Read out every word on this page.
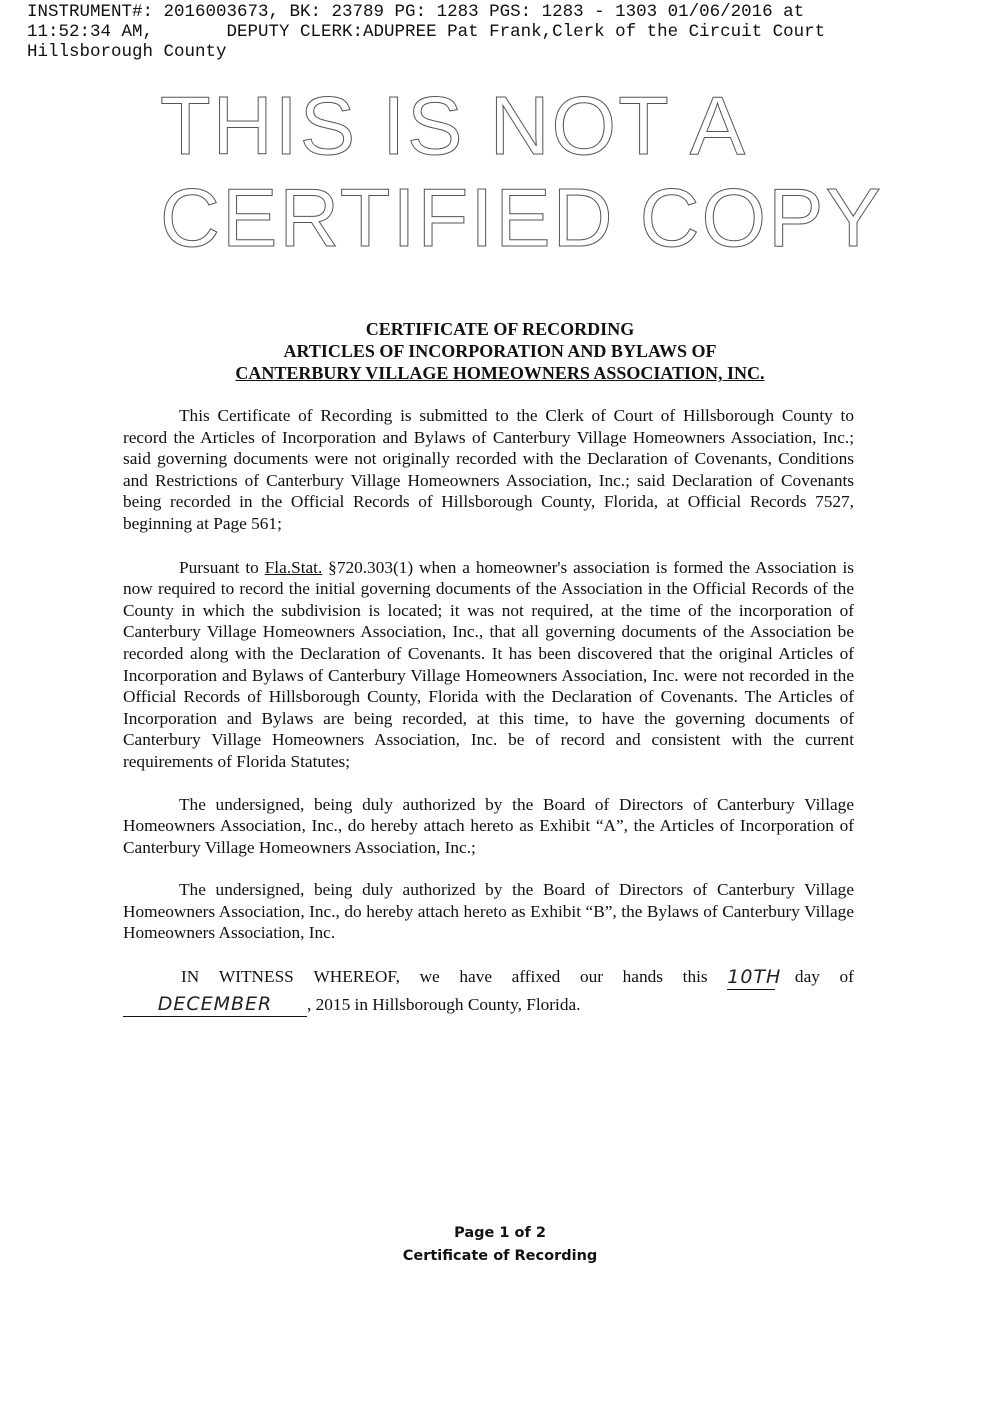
INSTRUMENT#: 2016003673, BK: 23789 PG: 1283 PGS: 1283 - 1303 01/06/2016 at
11:52:34 AM,       DEPUTY CLERK:ADUPREE Pat Frank,Clerk of the Circuit Court
Hillsborough County
THIS IS NOT A
CERTIFIED COPY
CERTIFICATE OF RECORDING
ARTICLES OF INCORPORATION AND BYLAWS OF
CANTERBURY VILLAGE HOMEOWNERS ASSOCIATION, INC.

This Certificate of Recording is submitted to the Clerk of Court of Hillsborough County to record the Articles of Incorporation and Bylaws of Canterbury Village Homeowners Association, Inc.; said governing documents were not originally recorded with the Declaration of Covenants, Conditions and Restrictions of Canterbury Village Homeowners Association, Inc.; said Declaration of Covenants being recorded in the Official Records of Hillsborough County, Florida, at Official Records 7527, beginning at Page 561;

Pursuant to Fla.Stat. §720.303(1) when a homeowner's association is formed the Association is now required to record the initial governing documents of the Association in the Official Records of the County in which the subdivision is located; it was not required, at the time of the incorporation of Canterbury Village Homeowners Association, Inc., that all governing documents of the Association be recorded along with the Declaration of Covenants. It has been discovered that the original Articles of Incorporation and Bylaws of Canterbury Village Homeowners Association, Inc. were not recorded in the Official Records of Hillsborough County, Florida with the Declaration of Covenants. The Articles of Incorporation and Bylaws are being recorded, at this time, to have the governing documents of Canterbury Village Homeowners Association, Inc. be of record and consistent with the current requirements of Florida Statutes;

The undersigned, being duly authorized by the Board of Directors of Canterbury Village Homeowners Association, Inc., do hereby attach hereto as Exhibit “A”, the Articles of Incorporation of Canterbury Village Homeowners Association, Inc.;

The undersigned, being duly authorized by the Board of Directors of Canterbury Village Homeowners Association, Inc., do hereby attach hereto as Exhibit “B”, the Bylaws of Canterbury Village Homeowners Association, Inc.

IN WITNESS WHEREOF, we have affixed our hands this 10TH day of
DECEMBER , 2015 in Hillsborough County, Florida.
Page 1 of 2
Certificate of Recording
